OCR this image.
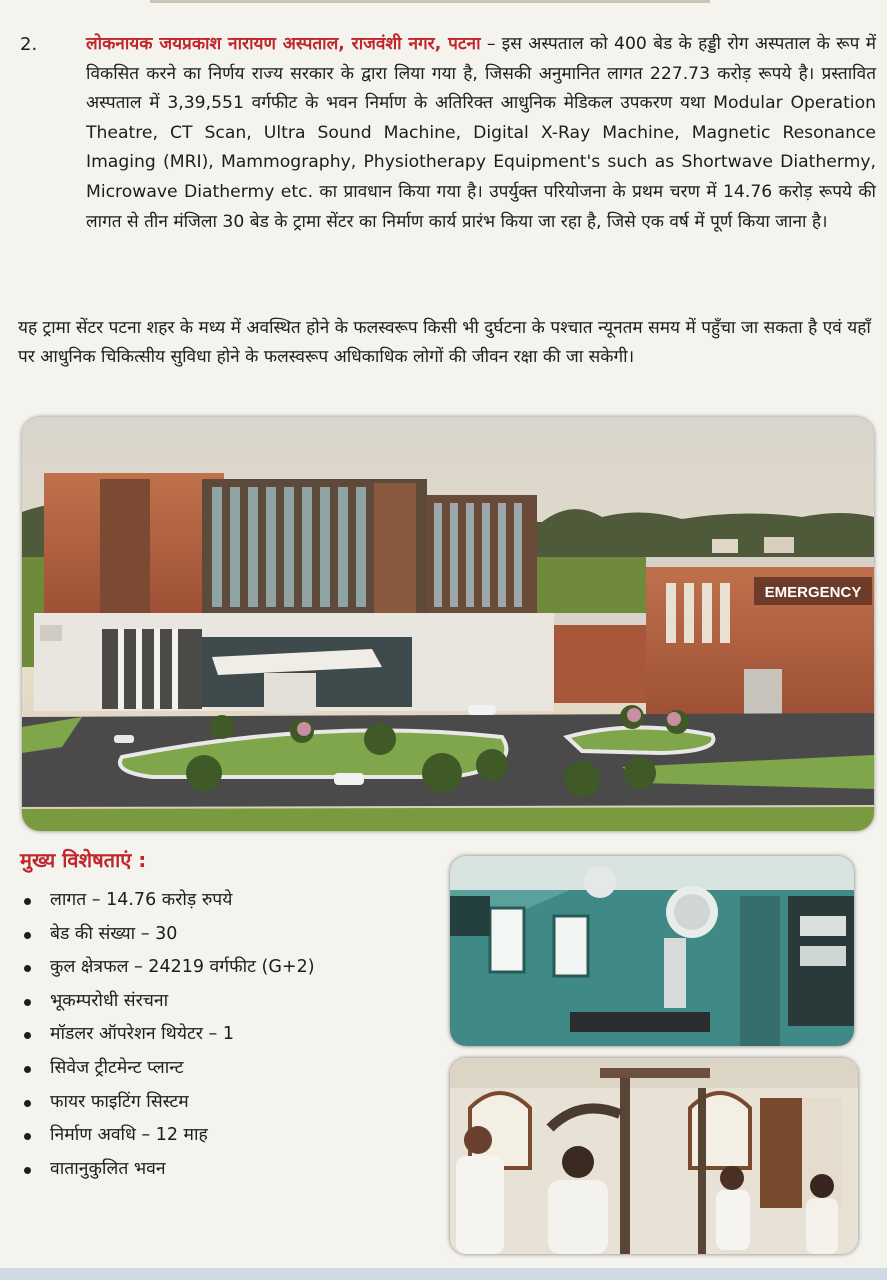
2.	लोकनायक जयप्रकाश नारायण अस्पताल, राजवंशी नगर, पटना – इस अस्पताल को 400 बेड के हड्डी रोग अस्पताल के रूप में विकसित करने का निर्णय राज्य सरकार के द्वारा लिया गया है, जिसकी अनुमानित लागत 227.73 करोड़ रूपये है। प्रस्तावित अस्पताल में 3,39,551 वर्गफीट के भवन निर्माण के अतिरिक्त आधुनिक मेडिकल उपकरण यथा Modular Operation Theatre, CT Scan, Ultra Sound Machine, Digital X-Ray Machine, Magnetic Resonance Imaging (MRI), Mammography, Physiotherapy Equipment's such as Shortwave Diathermy, Microwave Diathermy etc. का प्रावधान किया गया है। उपर्युक्त परियोजना के प्रथम चरण में 14.76 करोड़ रूपये की लागत से तीन मंजिला 30 बेड के ट्रामा सेंटर का निर्माण कार्य प्रारंभ किया जा रहा है, जिसे एक वर्ष में पूर्ण किया जाना है।

यह ट्रामा सेंटर पटना शहर के मध्य में अवस्थित होने के फलस्वरूप किसी भी दुर्घटना के पश्चात न्यूनतम समय में पहुँचा जा सकता है एवं यहाँ पर आधुनिक चिकित्सीय सुविधा होने के फलस्वरूप अधिकाधिक लोगों की जीवन रक्षा की जा सकेगी।

EMERGENCY
मुख्य विशेषताएं :
लागत – 14.76 करोड़ रुपये
बेड की संख्या – 30
कुल क्षेत्रफल – 24219 वर्गफीट (G+2)
भूकम्परोधी संरचना
मॉडलर ऑपरेशन थियेटर – 1
सिवेज ट्रीटमेन्ट प्लान्ट
फायर फाइटिंग सिस्टम
निर्माण अवधि – 12 माह
वातानुकुलित भवन
